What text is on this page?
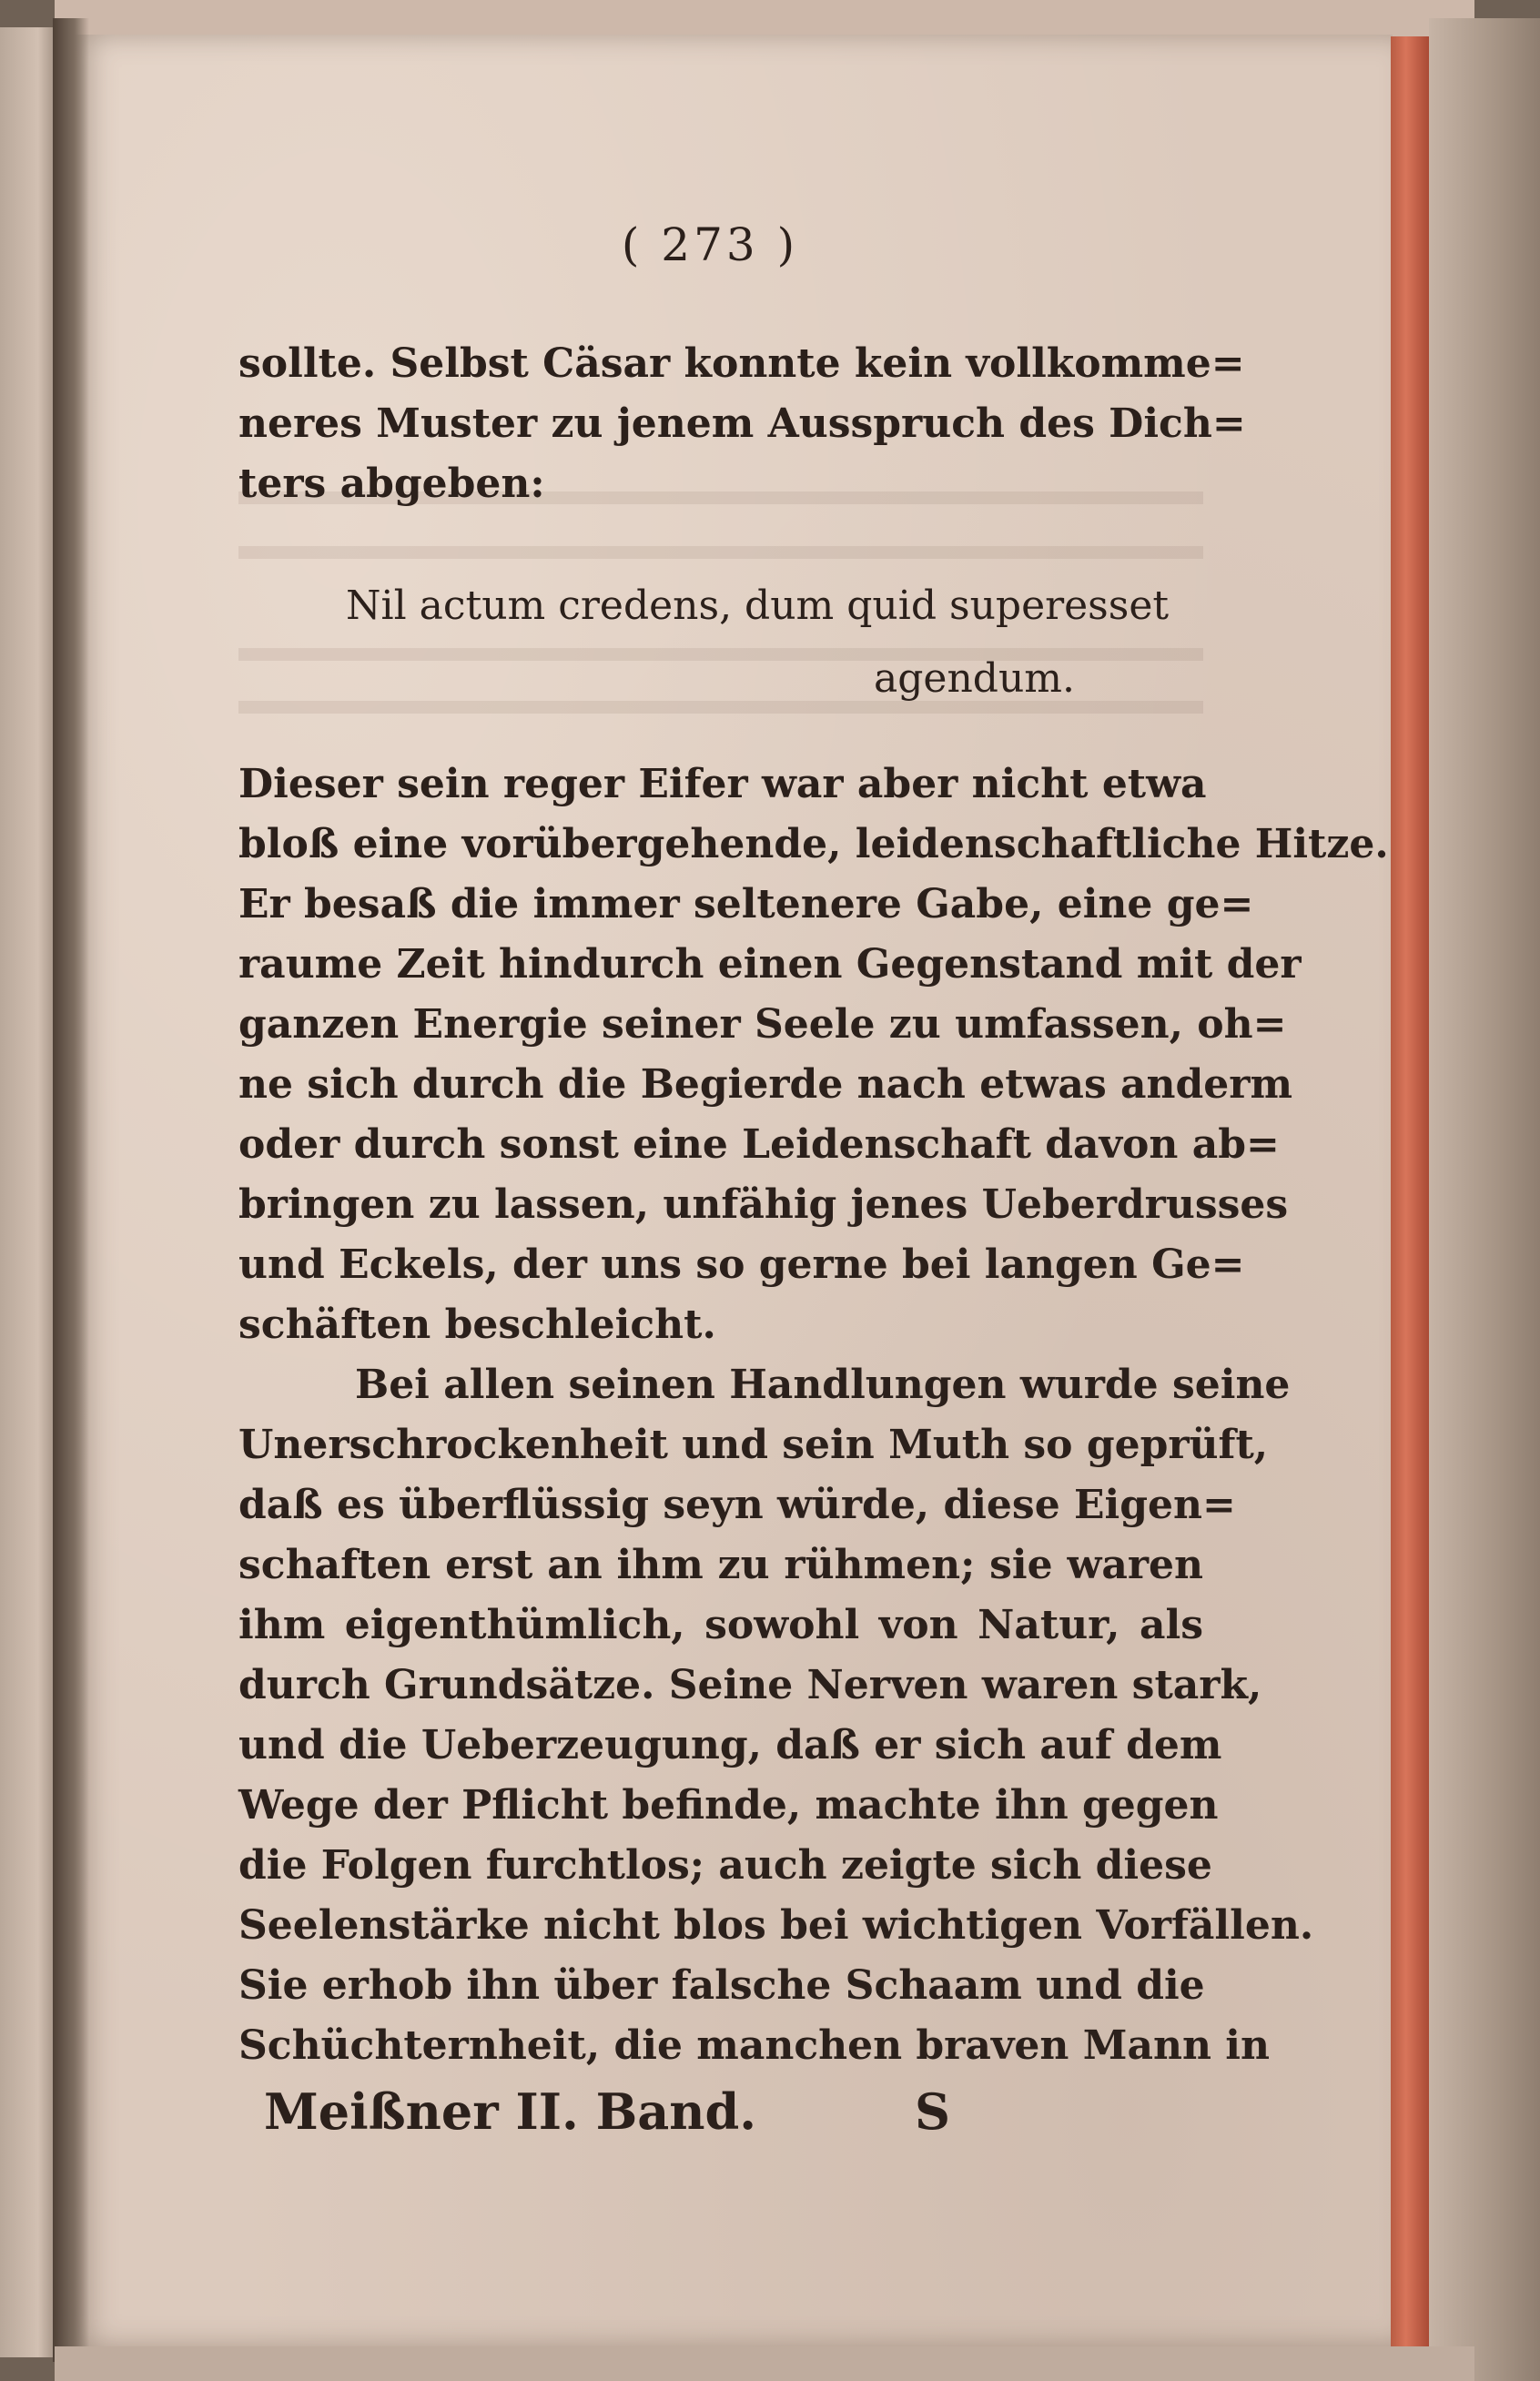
( 273 )
sollte. Selbst Cäsar konnte kein vollkomme=
neres Muster zu jenem Ausspruch des Dich=
ters abgeben:
Nil actum credens, dum quid superesset
agendum.
Dieser sein reger Eifer war aber nicht etwa
bloß eine vorübergehende, leidenschaftliche Hitze.
Er besaß die immer seltenere Gabe, eine ge=
raume Zeit hindurch einen Gegenstand mit der
ganzen Energie seiner Seele zu umfassen, oh=
ne sich durch die Begierde nach etwas anderm
oder durch sonst eine Leidenschaft davon ab=
bringen zu lassen, unfähig jenes Ueberdrusses
und Eckels, der uns so gerne bei langen Ge=
schäften beschleicht.
Bei allen seinen Handlungen wurde seine
Unerschrockenheit und sein Muth so geprüft,
daß es überflüssig seyn würde, diese Eigen=
schaften erst an ihm zu rühmen; sie waren
ihm eigenthümlich, sowohl von Natur, als
durch Grundsätze. Seine Nerven waren stark,
und die Ueberzeugung, daß er sich auf dem
Wege der Pflicht befinde, machte ihn gegen
die Folgen furchtlos; auch zeigte sich diese
Seelenstärke nicht blos bei wichtigen Vorfällen.
Sie erhob ihn über falsche Schaam und die
Schüchternheit, die manchen braven Mann in
Meißner II. Band.	S
